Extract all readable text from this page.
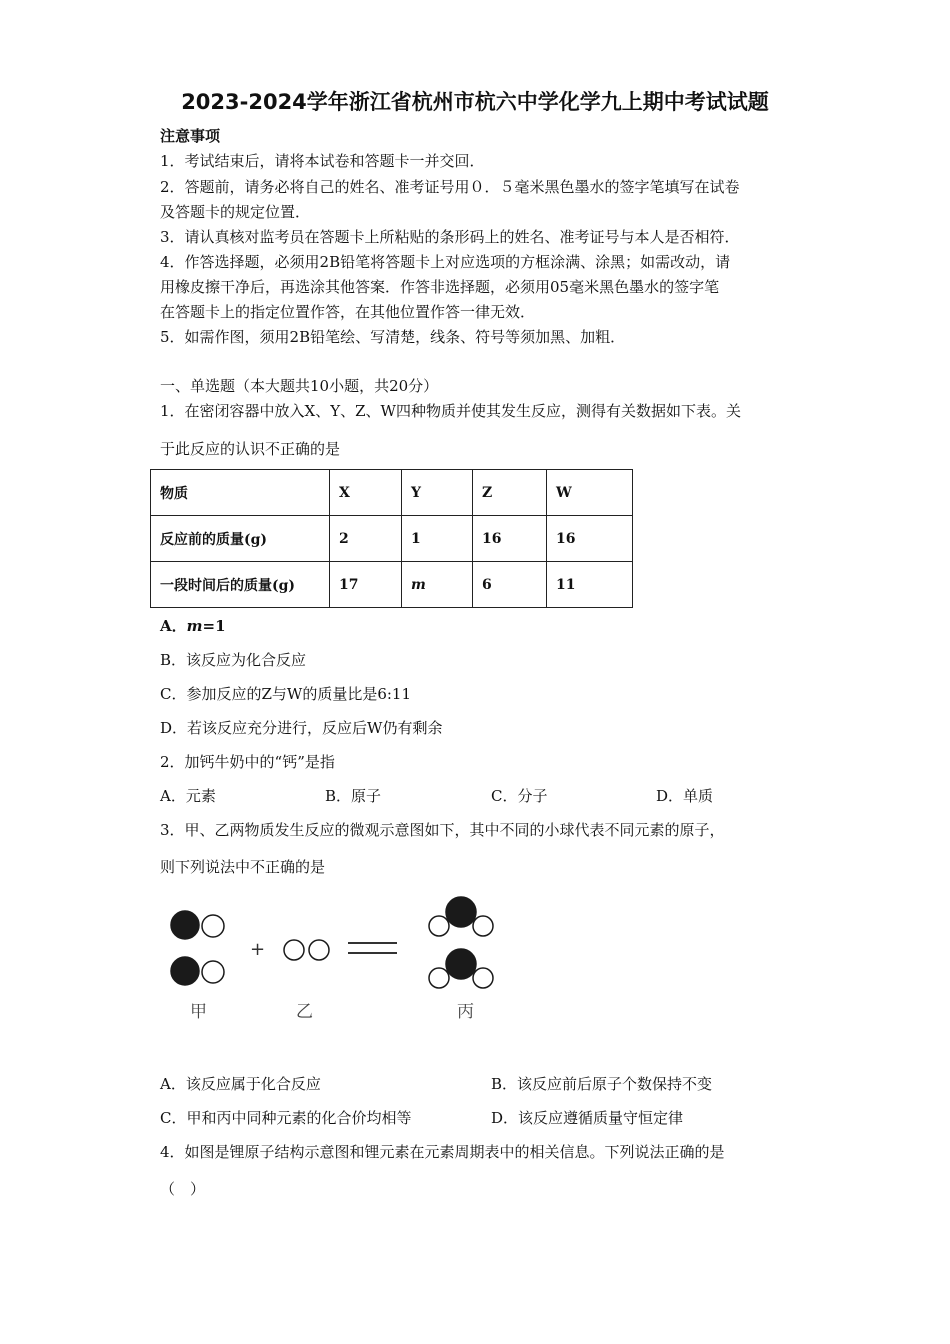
2023-2024学年浙江省杭州市杭六中学化学九上期中考试试题
注意事项
1．考试结束后，请将本试卷和答题卡一并交回．
2．答题前，请务必将自己的姓名、准考证号用０．５毫米黑色墨水的签字笔填写在试卷
及答题卡的规定位置．
3．请认真核对监考员在答题卡上所粘贴的条形码上的姓名、准考证号与本人是否相符．
4．作答选择题，必须用2B铅笔将答题卡上对应选项的方框涂满、涂黑；如需改动，请
用橡皮擦干净后，再选涂其他答案．作答非选择题，必须用05毫米黑色墨水的签字笔
在答题卡上的指定位置作答，在其他位置作答一律无效．
5．如需作图，须用2B铅笔绘、写清楚，线条、符号等须加黑、加粗．
一、单选题（本大题共10小题，共20分）
1．在密闭容器中放入X、Y、Z、W四种物质并使其发生反应，测得有关数据如下表。关
于此反应的认识不正确的是
物质	X	Y	Z	W
反应前的质量(g)	2	1	16	16
一段时间后的质量(g)	17	m	6	11
A．m=1
B．该反应为化合反应
C．参加反应的Z与W的质量比是6:11
D．若该反应充分进行，反应后W仍有剩余
2．加钙牛奶中的“钙”是指
A．元素	B．原子	C．分子	D．单质
3．甲、乙两物质发生反应的微观示意图如下，其中不同的小球代表不同元素的原子，
则下列说法中不正确的是
+
甲	乙	丙
A．该反应属于化合反应	B．该反应前后原子个数保持不变
C．甲和丙中同种元素的化合价均相等	D．该反应遵循质量守恒定律
4．如图是锂原子结构示意图和锂元素在元素周期表中的相关信息。下列说法正确的是
（　）
